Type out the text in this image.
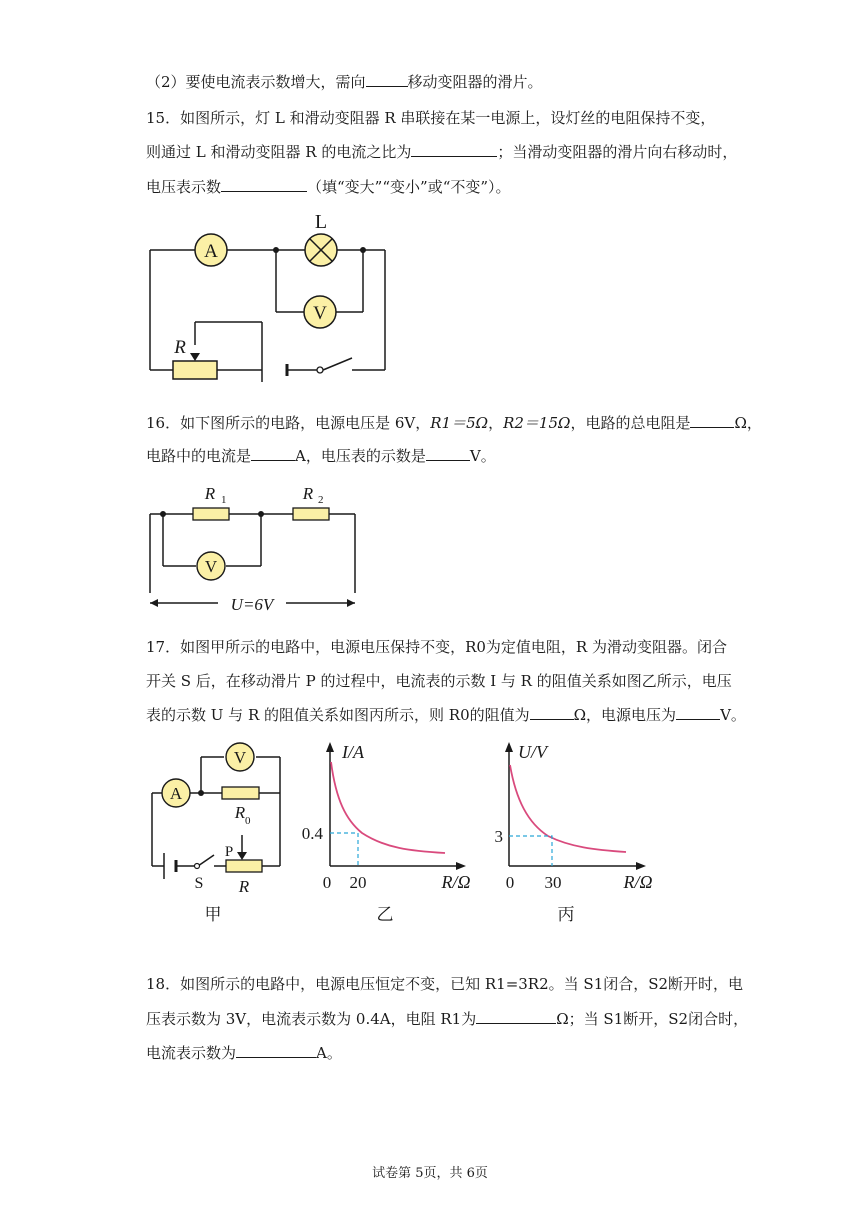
（2）要使电流表示数增大，需向	移动变阻器的滑片。
15．如图所示，灯 L 和滑动变阻器 R 串联接在某一电源上，设灯丝的电阻保持不变，
则通过 L 和滑动变阻器 R 的电流之比为	；当滑动变阻器的滑片向右移动时，
电压表示数	（填“变大”“变小”或“不变”）。
A
L
V
R
16．如下图所示的电路，电源电压是 6V，R1＝5Ω，R2＝15Ω，电路的总电阻是	Ω，
电路中的电流是	A，电压表的示数是	V。
R 1	R 2
V
U=6V
17．如图甲所示的电路中，电源电压保持不变，R0为定值电阻，R 为滑动变阻器。闭合
开关 S 后，在移动滑片 P 的过程中，电流表的示数 I 与 R 的阻值关系如图乙所示，电压
表的示数 U 与 R 的阻值关系如图丙所示，则 R0的阻值为	Ω，电源电压为	V。
A
V
R 0
P
R
S
甲
I/A
0.4
0 20	R/Ω
乙
U/V
3
0 30	R/Ω
丙
18．如图所示的电路中，电源电压恒定不变，已知 R1=3R2。当 S1闭合，S2断开时，电
压表示数为 3V，电流表示数为 0.4A，电阻 R1为	Ω；当 S1断开，S2闭合时，
电流表示数为	A。
试卷第 5页，共 6页
